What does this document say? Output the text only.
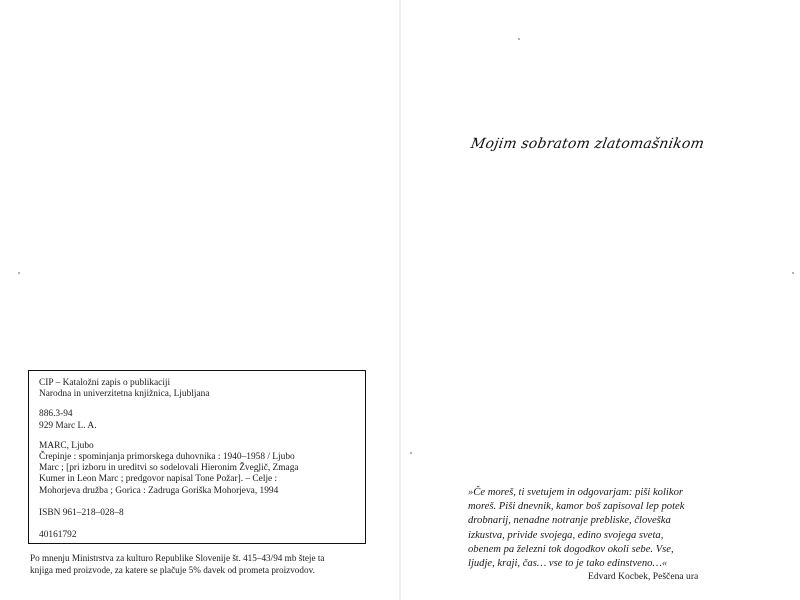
CIP – Kataložni zapis o publikaciji
Narodna in univerzitetna knjižnica, Ljubljana
886.3-94
929 Marc L. A.
MARC, Ljubo
Črepinje : spominjanja primorskega duhovnika : 1940–1958 / Ljubo
Marc ; [pri izboru in ureditvi so sodelovali Hieronim Žveglič, Zmaga
Kumer in Leon Marc ; predgovor napisal Tone Požar]. – Celje :
Mohorjeva družba ; Gorica : Zadruga Goriška Mohorjeva, 1994
ISBN 961–218–028–8
40161792
Po mnenju Ministrstva za kulturo Republike Slovenije št. 415–43/94 mb šteje ta
knjiga med proizvode, za katere se plačuje 5% davek od prometa proizvodov.
Mojim sobratom zlatomašnikom
»Če moreš, ti svetujem in odgovarjam: piši kolikor
moreš. Piši dnevnik, kamor boš zapisoval lep potek
drobnarij, nenadne notranje prebliske, človeška
izkustva, privide svojega, edino svojega sveta,
obenem pa železni tok dogodkov okoli sebe. Vse,
ljudje, kraji, čas… vse to je tako edinstveno…«
Edvard Kocbek, Peščena ura
